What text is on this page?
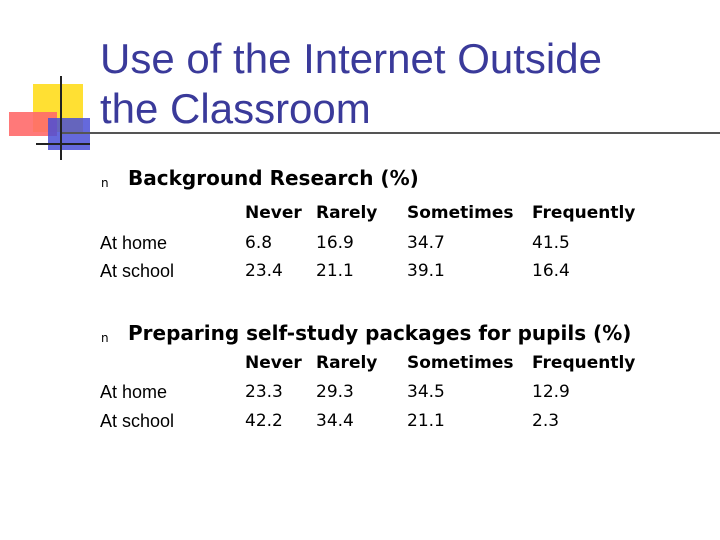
Use of the Internet Outside
the Classroom
n Background Research (%)
Never Rarely Sometimes Frequently
At home	6.8	16.9	34.7	41.5
At school	23.4 21.1	39.1	16.4
n Preparing self-study packages for pupils (%)
Never Rarely Sometimes Frequently
At home	23.3 29.3	34.5	12.9
At school	42.2 34.4	21.1	2.3
